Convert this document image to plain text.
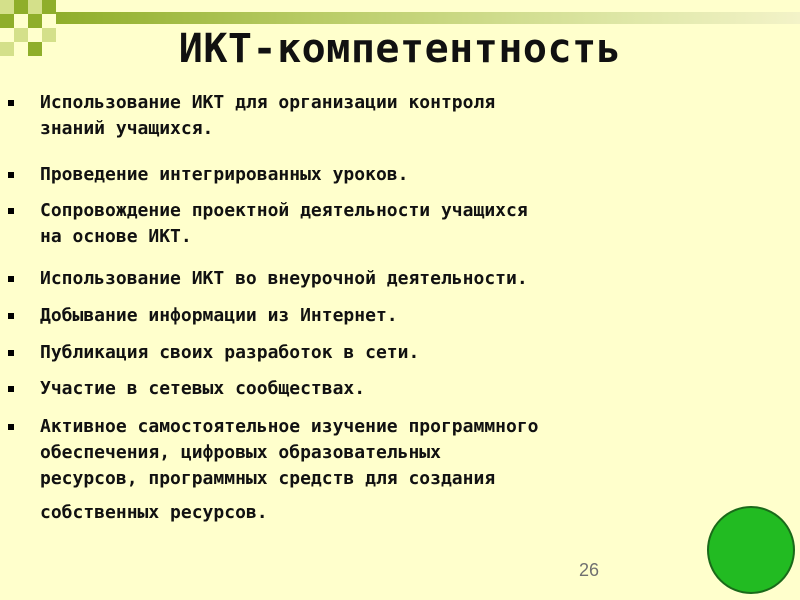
ИКТ-компетентность
Использование ИКТ для организации контроля
знаний учащихся.
Проведение интегрированных уроков.
Сопровождение проектной деятельности учащихся
на основе ИКТ.
Использование ИКТ во внеурочной деятельности.
Добывание информации из Интернет.
Публикация своих разработок в сети.
Участие в сетевых сообществах.
Активное самостоятельное изучение программного
обеспечения, цифровых образовательных
ресурсов, программных средств для создания
собственных ресурсов.
26
